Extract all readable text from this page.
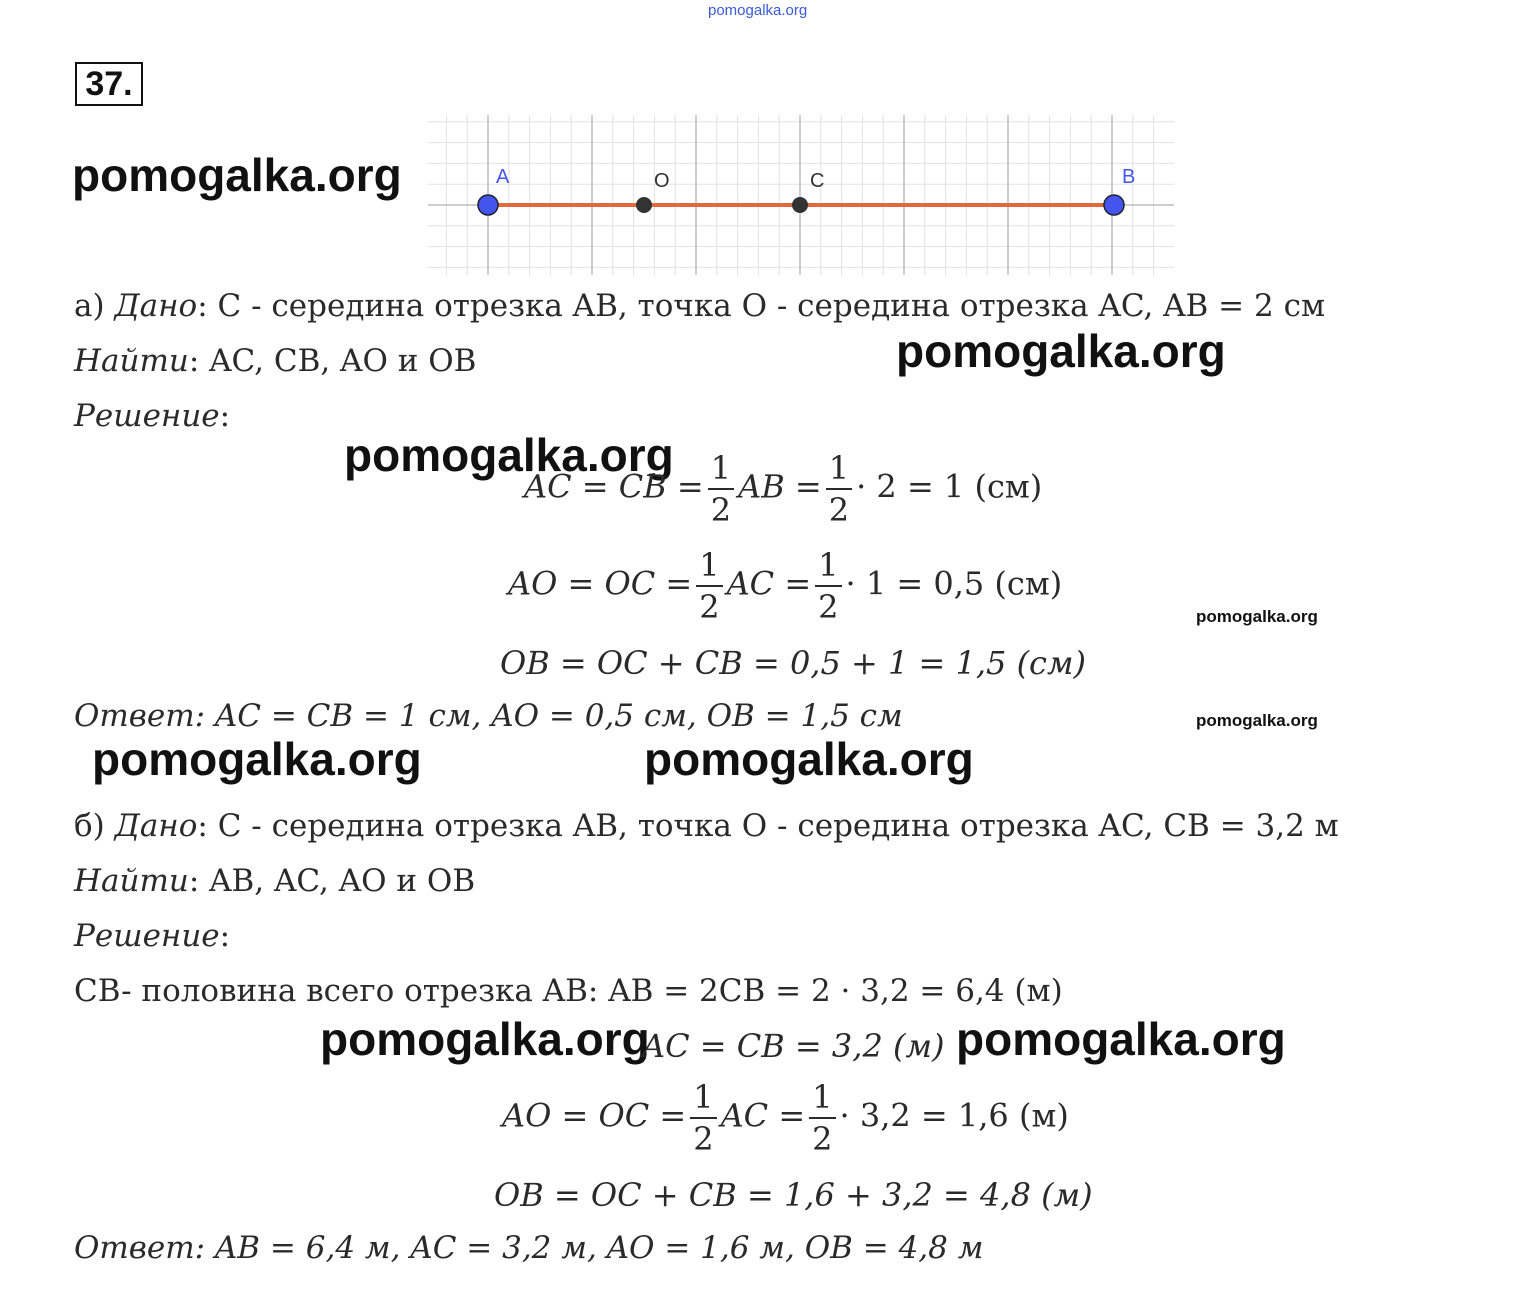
pomogalka.org
37.
pomogalka.org	A	O	C	B
а) Дано: C - середина отрезка AB, точка O - середина отрезка AC, AB = 2 см
Найти: AC, CB, AO и OB	pomogalka.org
Решение:
pomogalka.org
AC = CB = $\frac{1}{2}$ AB = $\frac{1}{2} \cdot 2 = 1$ (см)
AO = OC = $\frac{1}{2}$ AC = $\frac{1}{2} \cdot 1 = 0,5$ (см)
pomogalka.org
OB = OC + CB = 0,5 + 1 = 1,5 (см)
Ответ: AC = CB = 1 см, AO = 0,5 см, OB = 1,5 см	pomogalka.org
pomogalka.org	pomogalka.org
б) Дано: C - середина отрезка AB, точка O - середина отрезка AC, CB = 3,2 м
Найти: AB, AC, AO и OB
Решение:
CB- половина всего отрезка AB: AB = 2CB = 2 · 3,2 = 6,4 (м)
pomogalka.org
AC = CB = 3,2 (м) pomogalka.org
AO = OC = $\frac{1}{2}$ AC = $\frac{1}{2} \cdot 3,2 = 1,6$ (м)
OB = OC + CB = 1,6 + 3,2 = 4,8 (м)
Ответ: AB = 6,4 м, AC = 3,2 м, AO = 1,6 м, OB = 4,8 м
